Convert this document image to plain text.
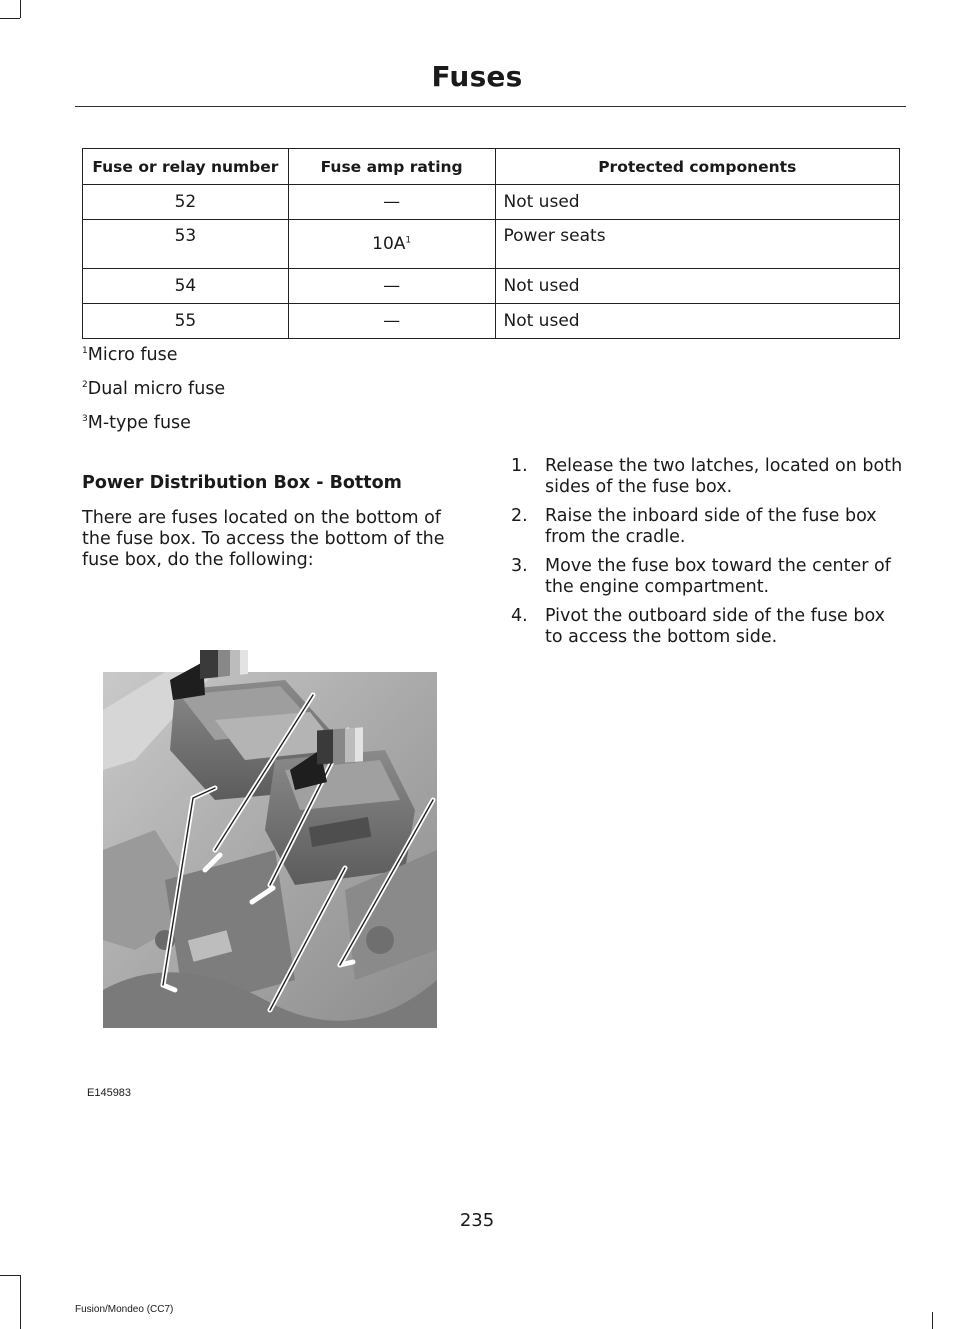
Fuses
Fuse or relay number	Fuse amp rating	Protected components
52	—	Not used
53	$10A^1$	Power seats
54	—	Not used
55	—	Not used
$^1$Micro fuse
$^2$Dual micro fuse
$^3$M-type fuse
Power Distribution Box - Bottom
There are fuses located on the bottom of the fuse box. To access the bottom of the fuse box, do the following:
1. Release the two latches, located on both sides of the fuse box.
2. Raise the inboard side of the fuse box from the cradle.
3. Move the fuse box toward the center of the engine compartment.
4. Pivot the outboard side of the fuse box to access the bottom side.
E145983
235
Fusion/Mondeo (CC7)
